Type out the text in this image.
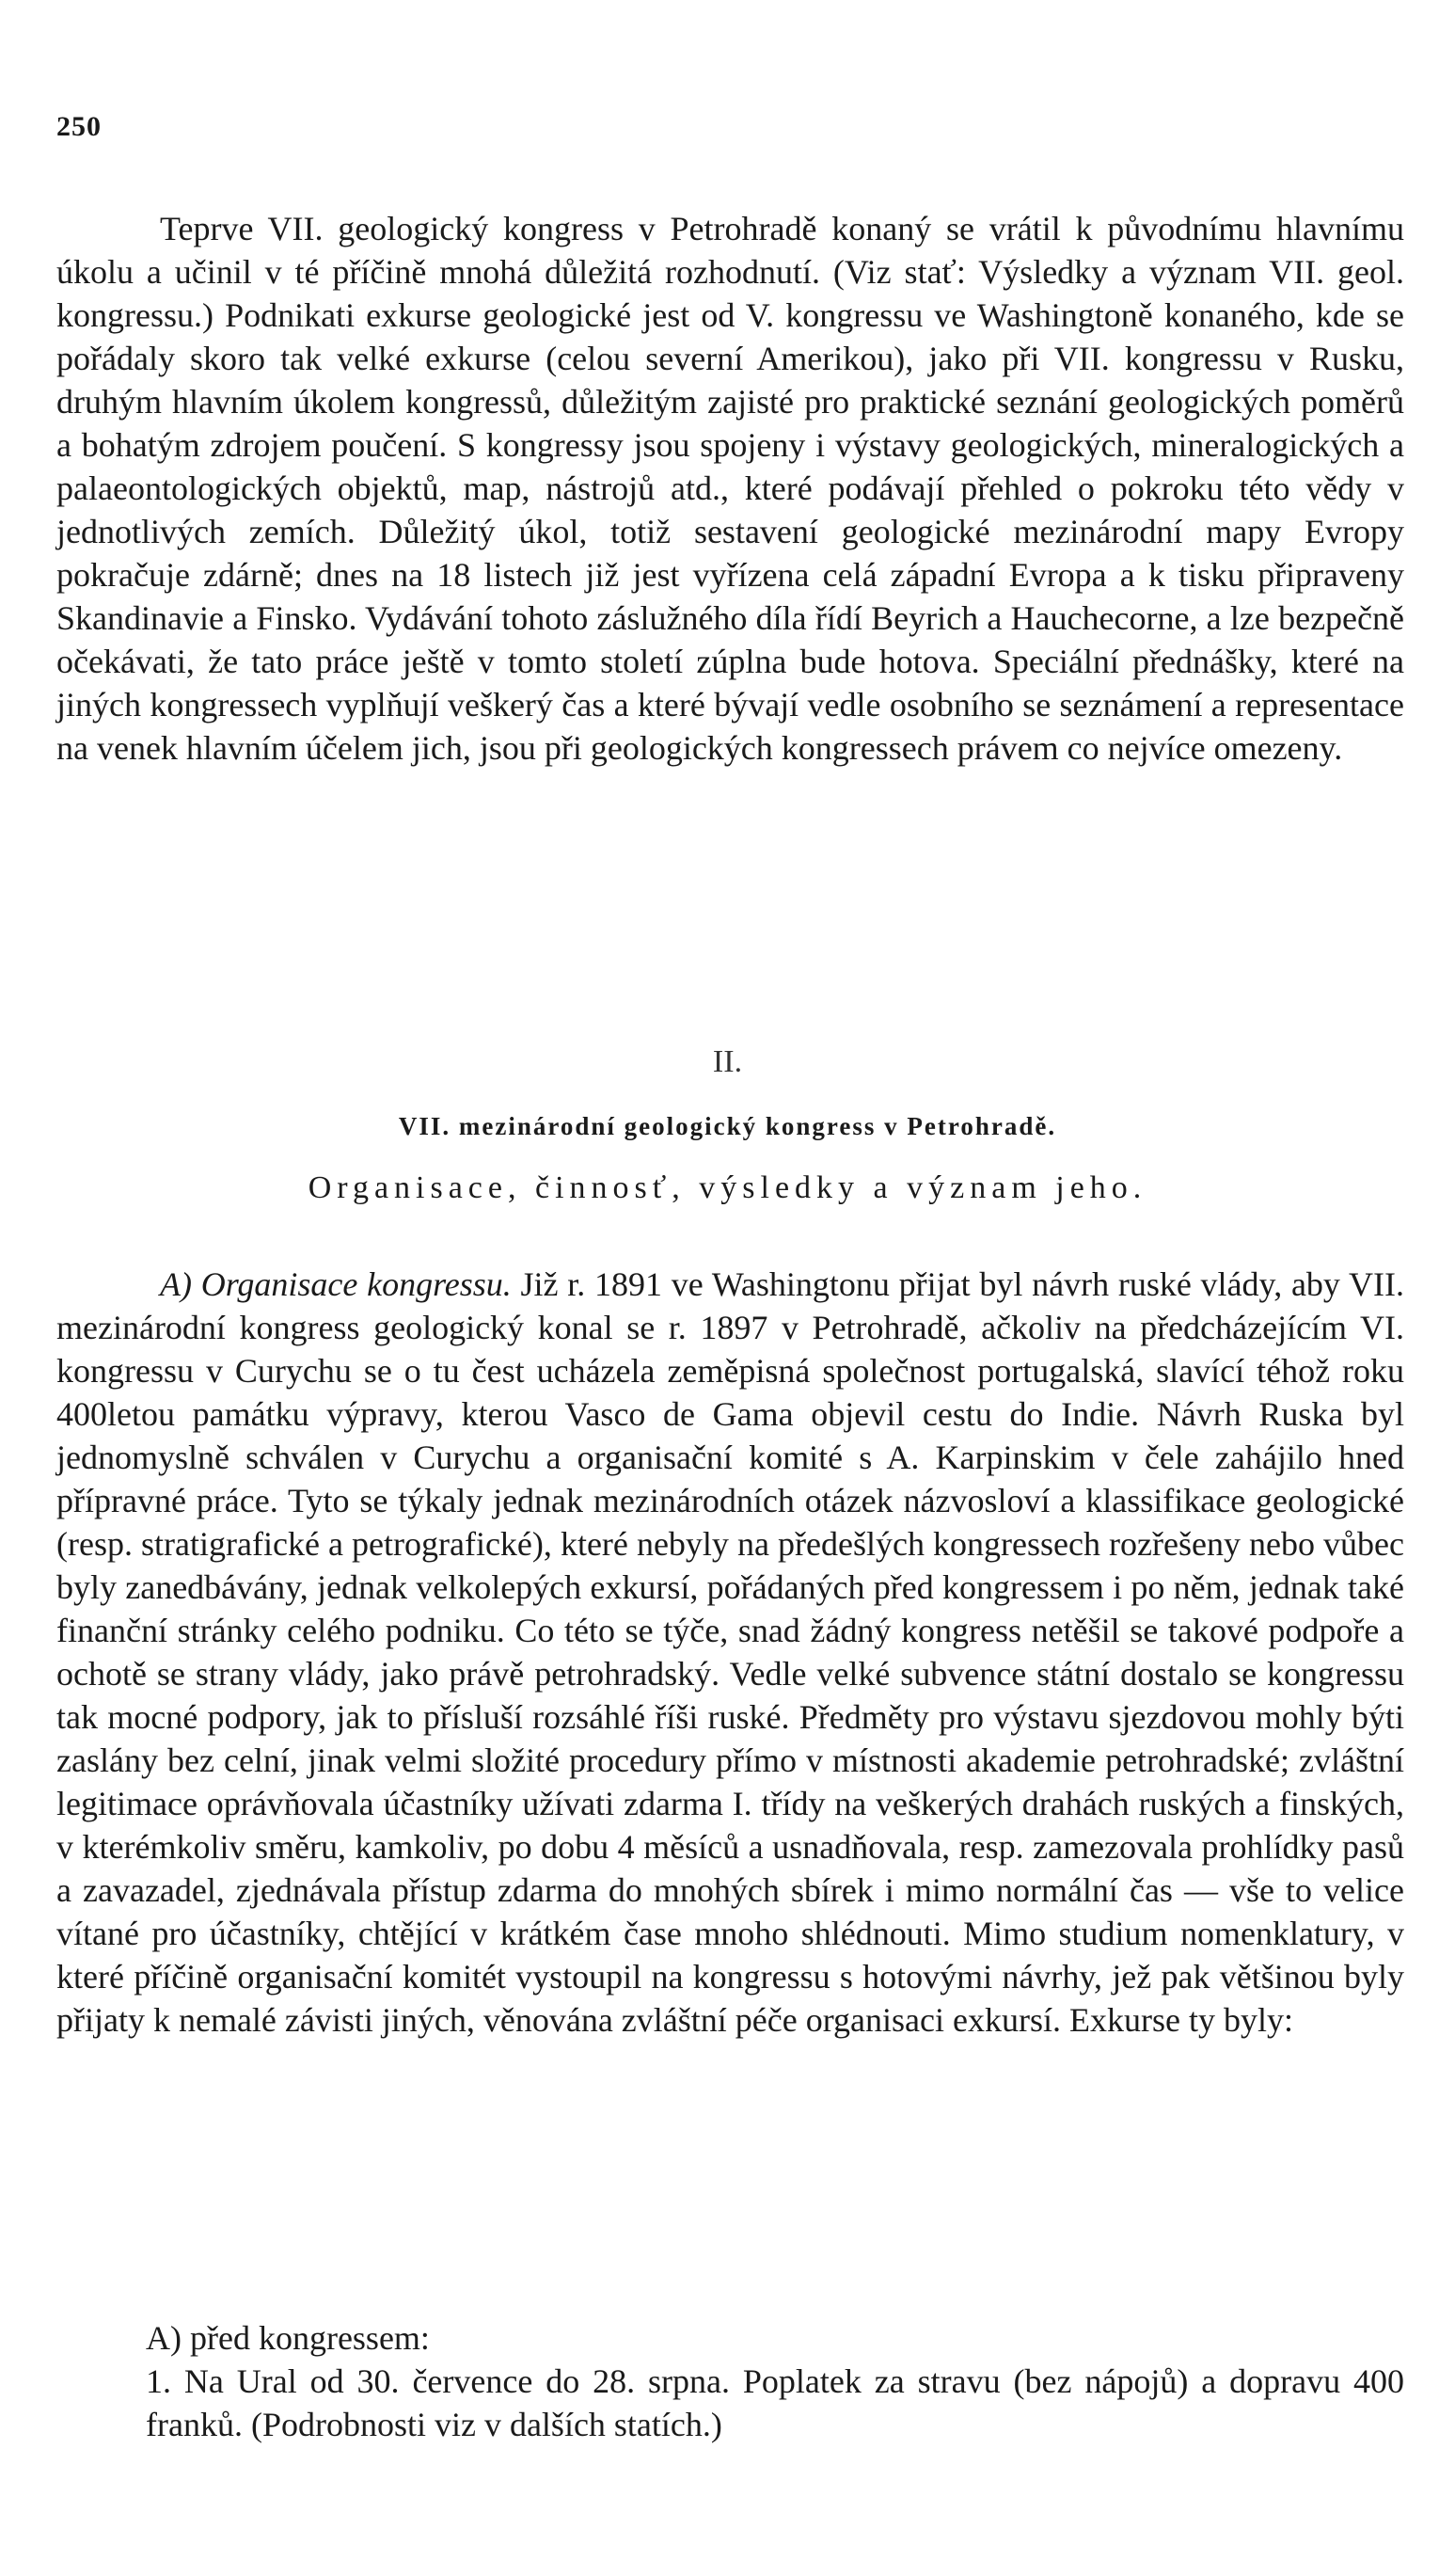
250

Teprve VII. geologický kongress v Petrohradě konaný se vrátil k původnímu hlavnímu úkolu a učinil v té příčině mnohá důležitá rozhodnutí. (Viz stať: Výsledky a význam VII. geol. kongressu.) Podnikati exkurse geologické jest od V. kongressu ve Washingtoně konaného, kde se pořádaly skoro tak velké exkurse (celou severní Amerikou), jako při VII. kongressu v Rusku, druhým hlavním úkolem kongressů, důležitým zajisté pro praktické seznání geologických poměrů a bohatým zdrojem poučení. S kongressy jsou spojeny i výstavy geologických, mineralogických a palaeontologických objektů, map, nástrojů atd., které podávají přehled o pokroku této vědy v jednotlivých zemích. Důležitý úkol, totiž sestavení geologické mezinárodní mapy Evropy pokračuje zdárně; dnes na 18 listech již jest vyřízena celá západní Evropa a k tisku připraveny Skandinavie a Finsko. Vydávání tohoto záslužného díla řídí Beyrich a Hauchecorne, a lze bezpečně očekávati, že tato práce ještě v tomto století zúplna bude hotova. Speciální přednášky, které na jiných kongressech vyplňují veškerý čas a které bývají vedle osobního se seznámení a representace na venek hlavním účelem jich, jsou při geologických kongressech právem co nejvíce omezeny.

II.
VII. mezinárodní geologický kongress v Petrohradě.
Organisace, činnosť, výsledky a význam jeho.

A) Organisace kongressu. Již r. 1891 ve Washingtonu přijat byl návrh ruské vlády, aby VII. mezinárodní kongress geologický konal se r. 1897 v Petrohradě, ačkoliv na předcházejícím VI. kongressu v Curychu se o tu čest ucházela zeměpisná společnost portugalská, slavící téhož roku 400letou památku výpravy, kterou Vasco de Gama objevil cestu do Indie. Návrh Ruska byl jednomyslně schválen v Curychu a organisační komité s A. Karpinskim v čele zahájilo hned přípravné práce. Tyto se týkaly jednak mezinárodních otázek názvosloví a klassifikace geologické (resp. stratigrafické a petrografické), které nebyly na předešlých kongressech rozřešeny nebo vůbec byly zanedbávány, jednak velkolepých exkursí, pořádaných před kongressem i po něm, jednak také finanční stránky celého podniku. Co této se týče, snad žádný kongress netěšil se takové podpoře a ochotě se strany vlády, jako právě petrohradský. Vedle velké subvence státní dostalo se kongressu tak mocné podpory, jak to přísluší rozsáhlé říši ruské. Předměty pro výstavu sjezdovou mohly býti zaslány bez celní, jinak velmi složité procedury přímo v místnosti akademie petrohradské; zvláštní legitimace oprávňovala účastníky užívati zdarma I. třídy na veškerých drahách ruských a finských, v kterémkoliv směru, kamkoliv, po dobu 4 měsíců a usnadňovala, resp. zamezovala prohlídky pasů a zavazadel, zjednávala přístup zdarma do mnohých sbírek i mimo normální čas — vše to velice vítané pro účastníky, chtějící v krátkém čase mnoho shlédnouti. Mimo studium nomenklatury, v které příčině organisační komitét vystoupil na kongressu s hotovými návrhy, jež pak většinou byly přijaty k nemalé závisti jiných, věnována zvláštní péče organisaci exkursí. Exkurse ty byly:

A) před kongressem:
1. Na Ural od 30. července do 28. srpna. Poplatek za stravu (bez nápojů) a dopravu 400 franků. (Podrobnosti viz v dalších statích.)
